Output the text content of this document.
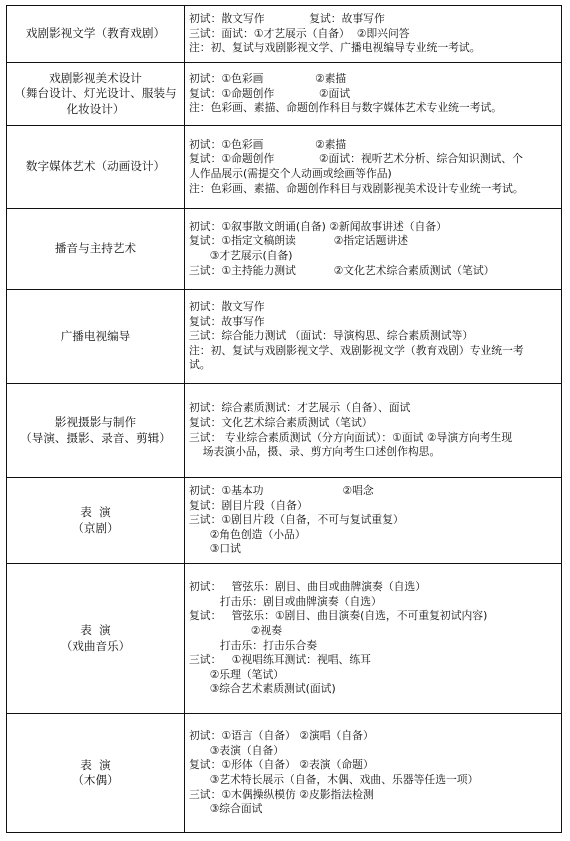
戏剧影视文学（教育戏剧）
初试：散文写作             复试：故事写作
三试：面试：①才艺展示（自备）  ②即兴问答
注：初、复试与戏剧影视文学、广播电视编导专业统一考试。
戏剧影视美术设计
（舞台设计、灯光设计、服装与
化妆设计）
初试：①色彩画               ②素描
复试：①命题创作             ②面试
注：色彩画、素描、命题创作科目与数字媒体艺术专业统一考试。
数字媒体艺术（动画设计）
初试：①色彩画               ②素描
复试：①命题创作             ②面试：视听艺术分析、综合知识测试、个
人作品展示(需提交个人动画或绘画等作品)
注：色彩画、素描、命题创作科目与戏剧影视美术设计专业统一考试。
播音与主持艺术
初试：①叙事散文朗诵(自备) ②新闻故事讲述（自备）
复试：①指定文稿朗读           ②指定话题讲述
③才艺展示(自备)
三试：①主持能力测试           ②文化艺术综合素质测试（笔试）
广播电视编导
初试：散文写作
复试：故事写作
三试：综合能力测试 （面试：导演构思、综合素质测试等）
注：初、复试与戏剧影视文学、戏剧影视文学（教育戏剧）专业统一考
试。
影视摄影与制作
（导演、摄影、录音、剪辑）
初试：综合素质测试：才艺展示（自备）、面试
复试：文化艺术综合素质测试（笔试）
三试： 专业综合素质测试（分方向面试）：①面试 ②导演方向考生现
场表演小品，摄、录、剪方向考生口述创作构思。
表  演
（京剧）
初试：①基本功                       ②唱念
复试：剧目片段（自备）
三试：①剧目片段（自备，不可与复试重复）
②角色创造（小品）
③口试
表  演
（戏曲音乐）
初试：   管弦乐：剧目、曲目或曲牌演奏（自选）
打击乐：剧目或曲牌演奏（自选）
复试：   管弦乐：①剧目、曲目演奏(自选，不可重复初试内容)
②视奏
打击乐：打击乐合奏
三试：   ①视唱练耳测试：视唱、练耳
②乐理（笔试）
③综合艺术素质测试(面试)
表  演
（木偶）
初试：①语言（自备） ②演唱（自备）
③表演（自备）
复试：①形体（自备） ②表演（命题）
③艺术特长展示（自备，木偶、戏曲、乐器等任选一项）
三试：①木偶操纵模仿 ②皮影指法检测
③综合面试
